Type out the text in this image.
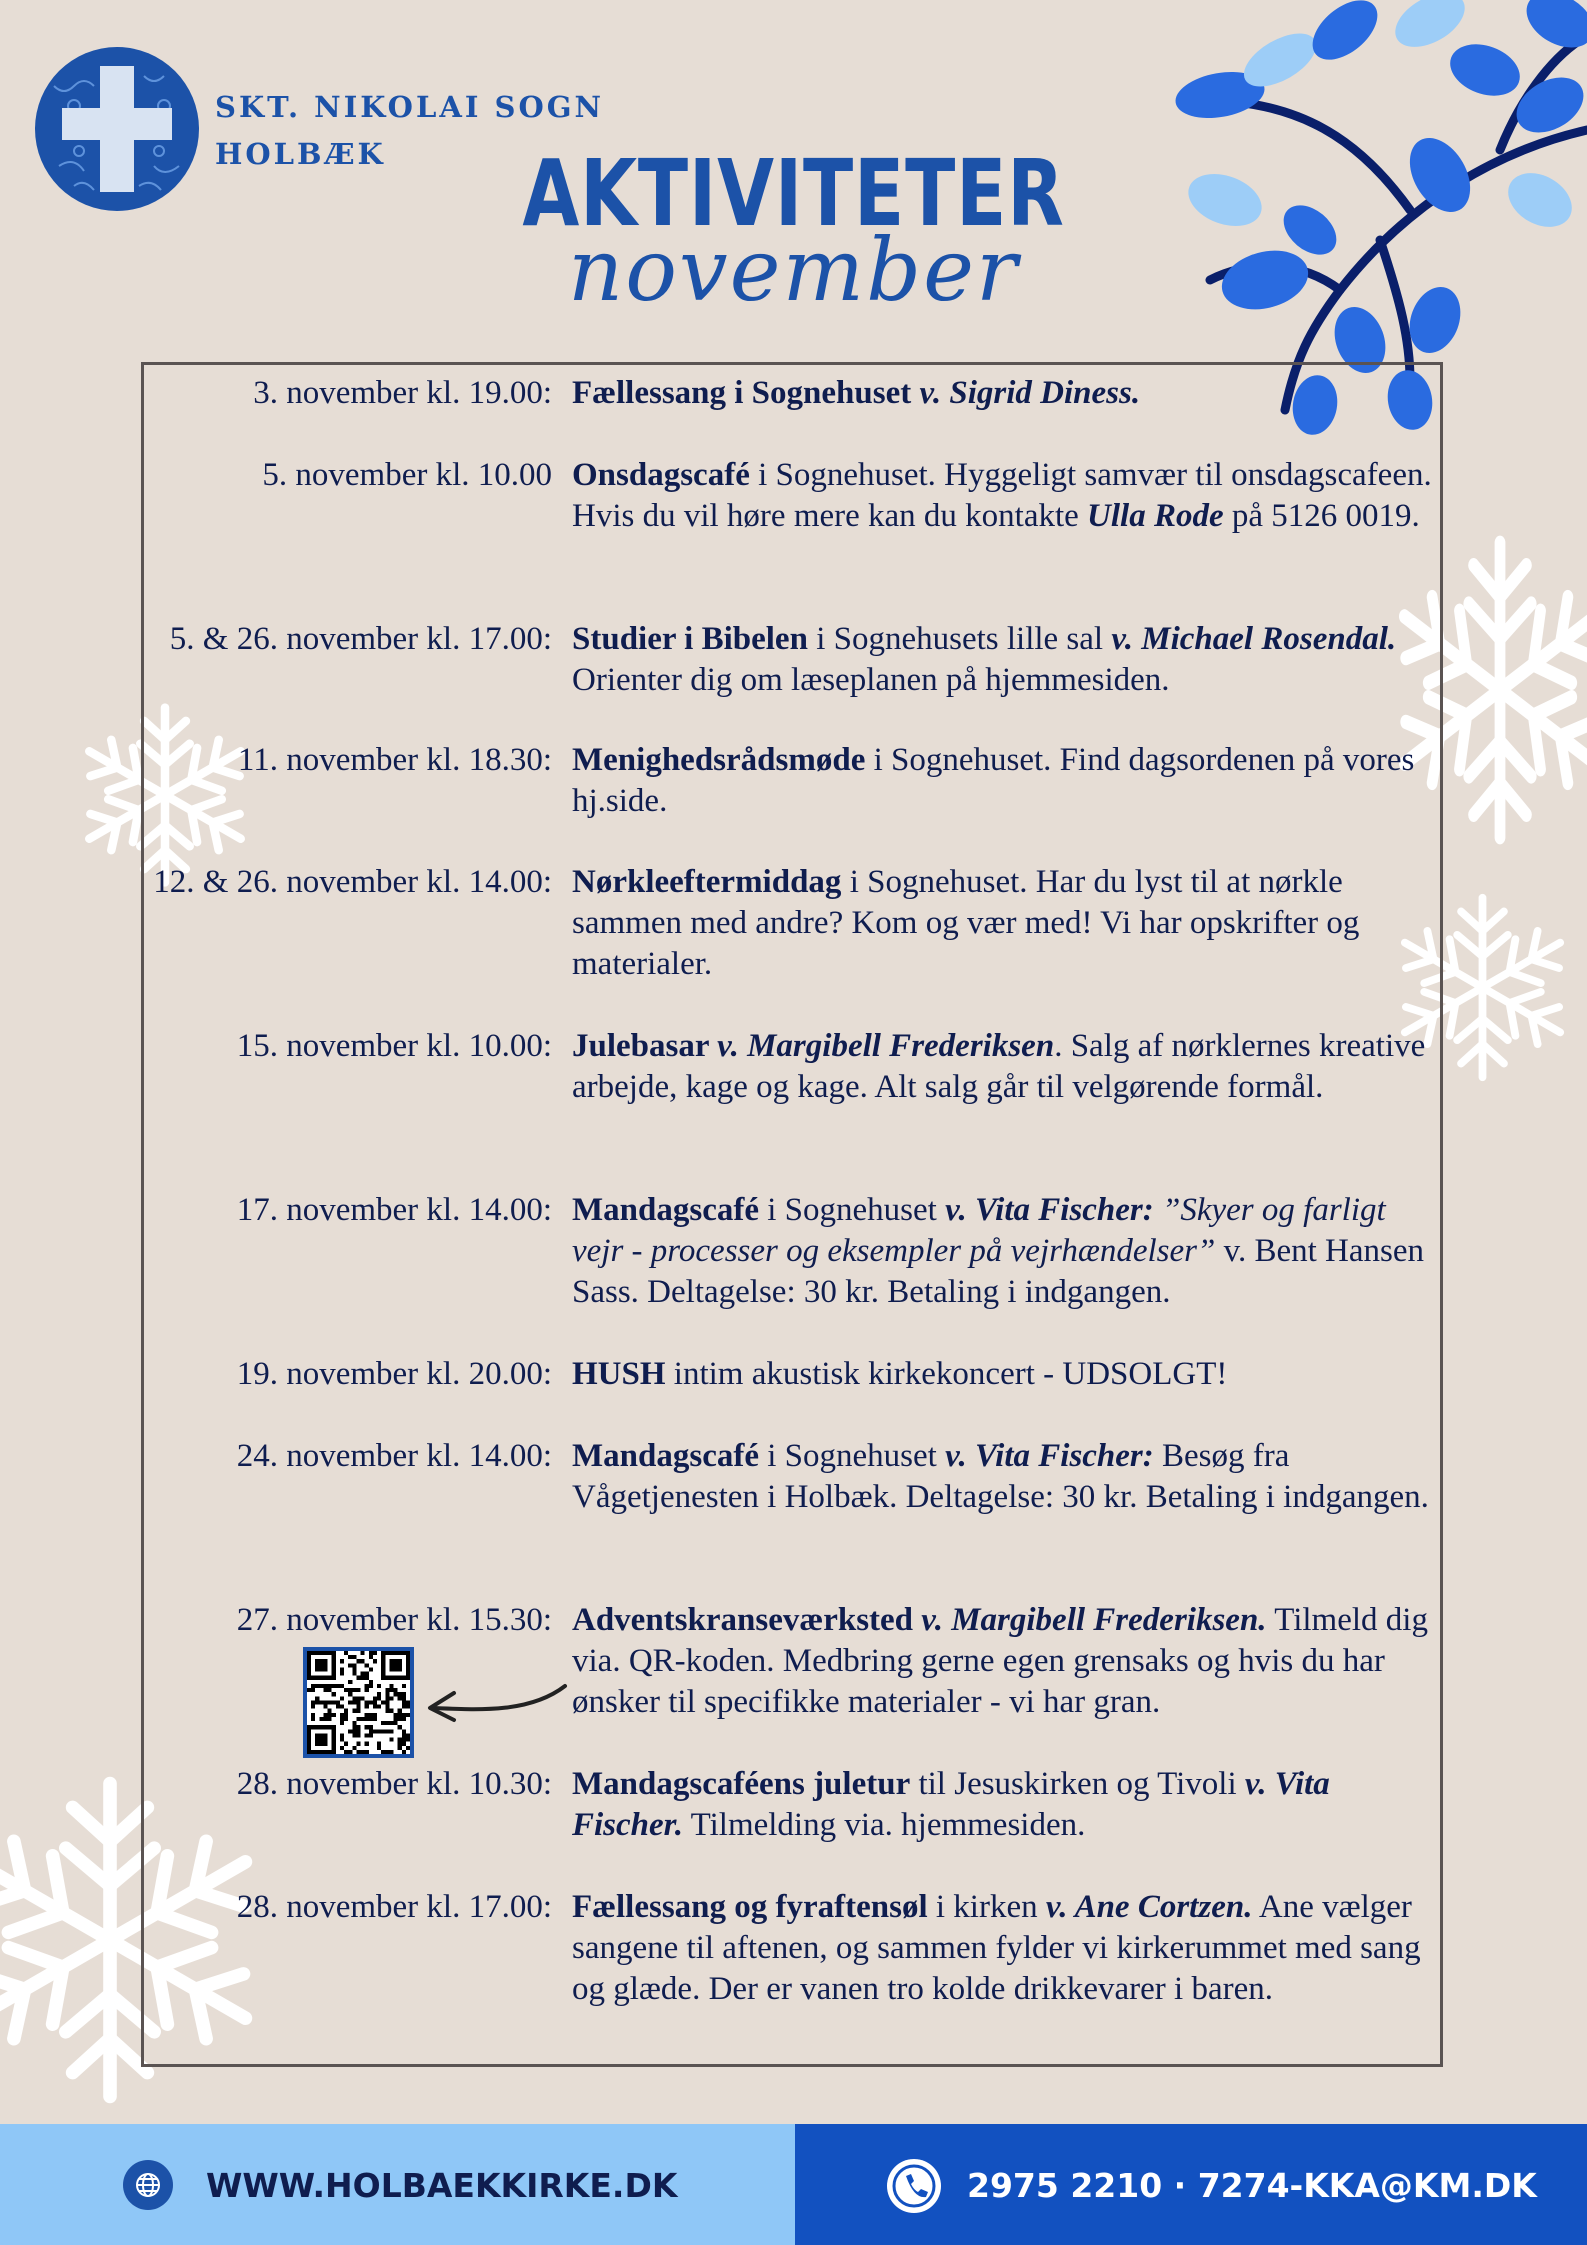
SKT. NIKOLAI SOGN
HOLBÆK	AKTIVITETER
november
3. november kl. 19.00: Fællessang i Sognehuset v. Sigrid Diness.
5. november kl. 10.00 Onsdagscafé i Sognehuset. Hyggeligt samvær til onsdagscafeen. Hvis du vil høre mere kan du kontakte Ulla Rode på 5126 0019.
5. & 26. november kl. 17.00: Studier i Bibelen i Sognehusets lille sal v. Michael Rosendal. Orienter dig om læseplanen på hjemmesiden.
11. november kl. 18.30: Menighedsrådsmøde i Sognehuset. Find dagsordenen på vores hj.side.
12. & 26. november kl. 14.00: Nørkleeftermiddag i Sognehuset. Har du lyst til at nørkle sammen med andre? Kom og vær med! Vi har opskrifter og materialer.
15. november kl. 10.00: Julebasar v. Margibell Frederiksen. Salg af nørklernes kreative arbejde, kage og kage. Alt salg går til velgørende formål.
17. november kl. 14.00: Mandagscafé i Sognehuset v. Vita Fischer: ”Skyer og farligt vejr - processer og eksempler på vejrhændelser” v. Bent Hansen Sass. Deltagelse: 30 kr. Betaling i indgangen.
19. november kl. 20.00: HUSH intim akustisk kirkekoncert - UDSOLGT!
24. november kl. 14.00: Mandagscafé i Sognehuset v. Vita Fischer: Besøg fra Vågetjenesten i Holbæk. Deltagelse: 30 kr. Betaling i indgangen.
27. november kl. 15.30: Adventskranseværksted v. Margibell Frederiksen. Tilmeld dig via. QR-koden. Medbring gerne egen grensaks og hvis du har ønsker til specifikke materialer - vi har gran.
28. november kl. 10.30: Mandagscaféens juletur til Jesuskirken og Tivoli v. Vita Fischer. Tilmelding via. hjemmesiden.
28. november kl. 17.00: Fællessang og fyraftensøl i kirken v. Ane Cortzen. Ane vælger sangene til aftenen, og sammen fylder vi kirkerummet med sang og glæde. Der er vanen tro kolde drikkevarer i baren.
WWW.HOLBAEKKIRKE.DK	2975 2210 · 7274-KKA@KM.DK
